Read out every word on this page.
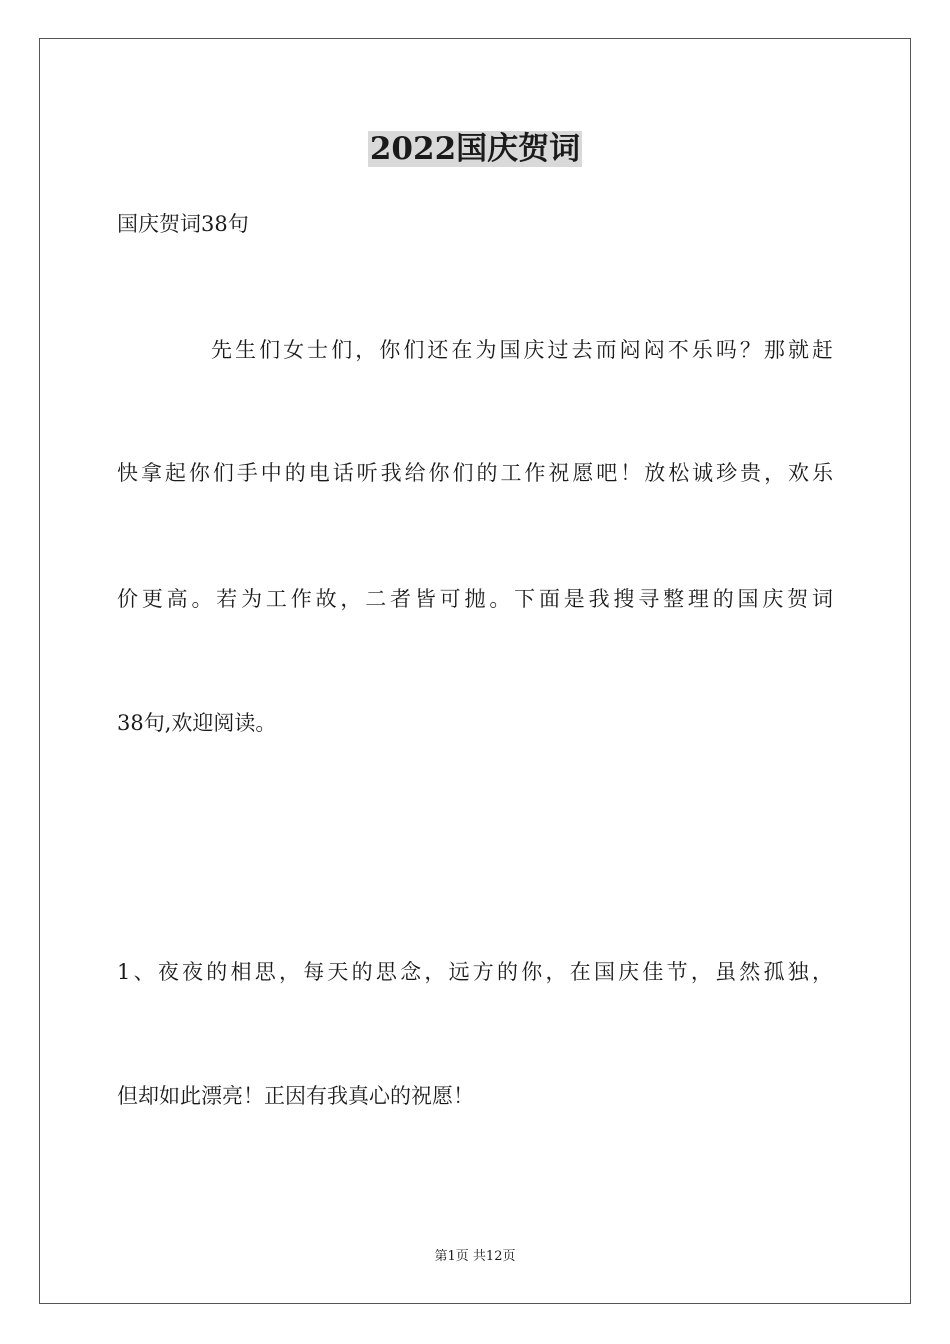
2022国庆贺词

国庆贺词38句

先生们女士们，你们还在为国庆过去而闷闷不乐吗？那就赶

快拿起你们手中的电话听我给你们的工作祝愿吧！放松诚珍贵，欢乐

价更高。若为工作故，二者皆可抛。下面是我搜寻整理的国庆贺词

38句,欢迎阅读。

1、夜夜的相思，每天的思念，远方的你，在国庆佳节，虽然孤独，

但却如此漂亮！正因有我真心的祝愿！

第1页 共12页
